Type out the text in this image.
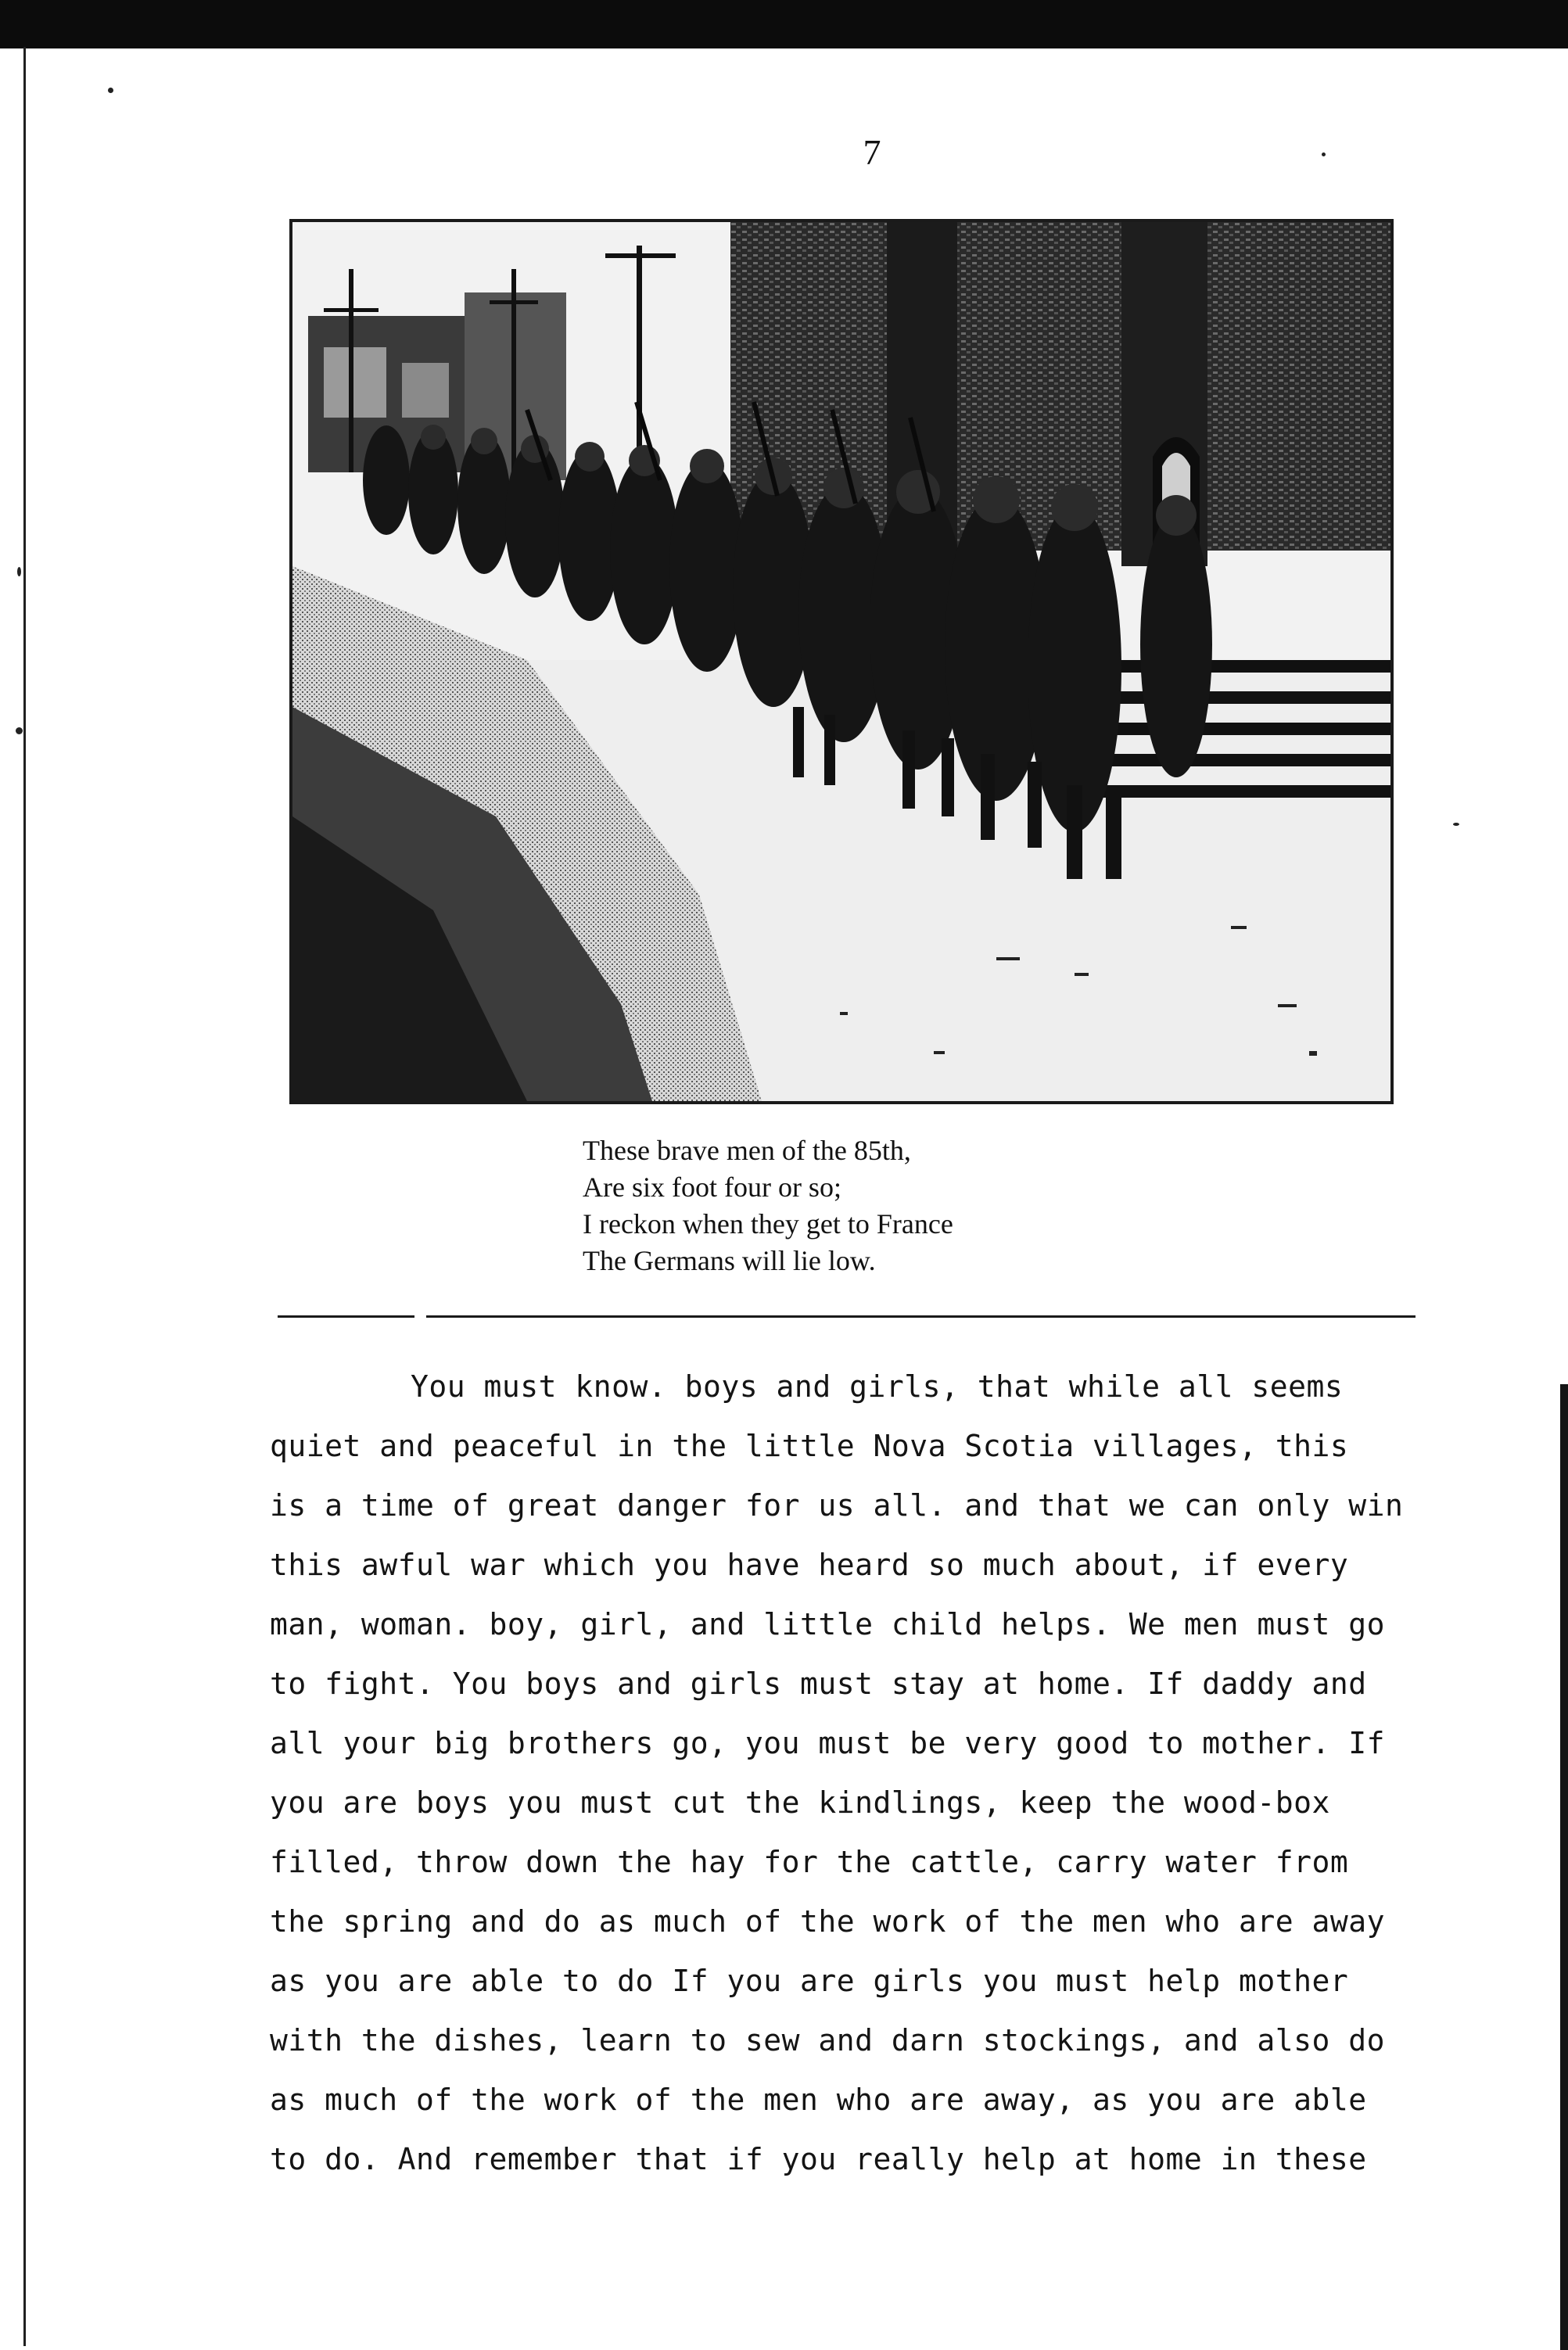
7
These brave men of the 85th,
Are six foot four or so;
I reckon when they get to France
The Germans will lie low.
You must know. boys and girls, that while all seems
quiet and peaceful in the little Nova Scotia villages, this
is a time of great danger for us all. and that we can only win
this awful war which you have heard so much about, if every
man, woman. boy, girl, and little child helps. We men must go
to fight. You boys and girls must stay at home. If daddy and
all your big brothers go, you must be very good to mother. If
you are boys you must cut the kindlings, keep the wood-box
filled, throw down the hay for the cattle, carry water from
the spring and do as much of the work of the men who are away
as you are able to do If you are girls you must help mother
with the dishes, learn to sew and darn stockings, and also do
as much of the work of the men who are away, as you are able
to do. And remember that if you really help at home in these
